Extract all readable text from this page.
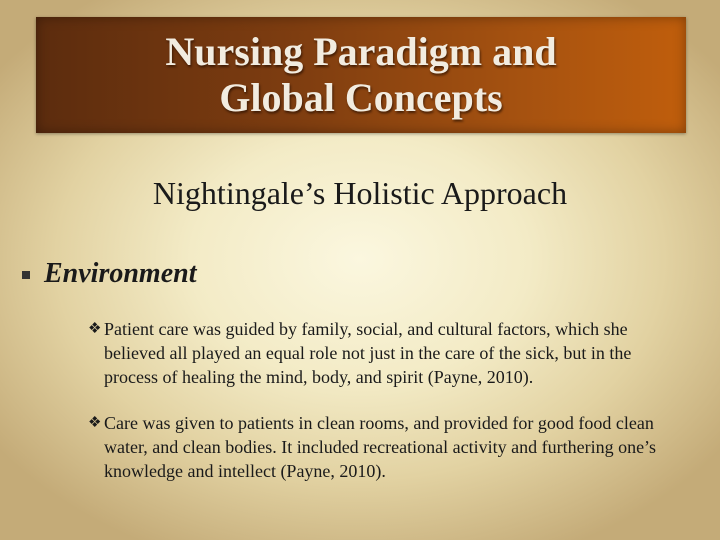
Nursing Paradigm and
Global Concepts
Nightingale’s Holistic Approach
Environment
❖ Patient care was guided by family, social, and cultural factors, which she believed all played an equal role not just in the care of the sick, but in the process of healing the mind, body, and spirit (Payne, 2010).
❖ Care was given to patients in clean rooms, and provided for good food clean water, and clean bodies. It included recreational activity and furthering one’s knowledge and intellect (Payne, 2010).
